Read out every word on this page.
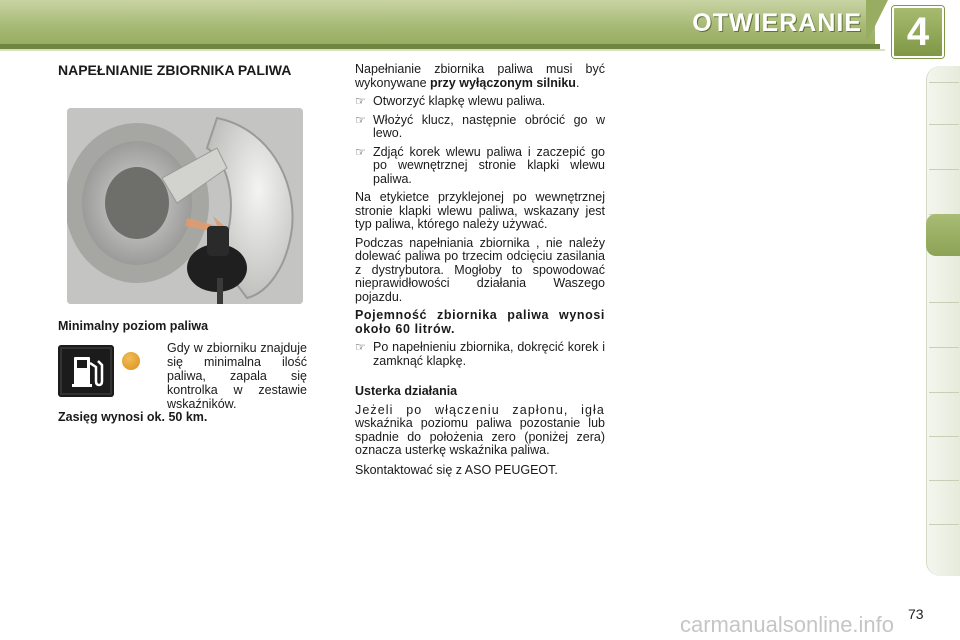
OTWIERANIE	4
NAPEŁNIANIE ZBIORNIKA PALIWA
Minimalny poziom paliwa
Gdy w zbiorniku znajduje się minimalna ilość paliwa, zapala się kontrolka w zestawie wskaźników.
Zasięg wynosi ok. 50 km.

Napełnianie zbiornika paliwa musi być wykonywane przy wyłączonym silniku.

☞ Otworzyć klapkę wlewu paliwa.
☞ Włożyć klucz, następnie obrócić go w lewo.
☞ Zdjąć korek wlewu paliwa i zaczepić go po wewnętrznej stronie klapki wlewu paliwa.

Na etykietce przyklejonej po wewnętrznej stronie klapki wlewu paliwa, wskazany jest typ paliwa, którego należy używać.

Podczas napełniania zbiornika , nie należy dolewać paliwa po trzecim odcięciu zasilania z dystrybutora. Mogłoby to spowodować nieprawidłowości działania Waszego pojazdu.

Pojemność zbiornika paliwa wynosi około 60 litrów.

☞ Po napełnieniu zbiornika, dokręcić korek i zamknąć klapkę.

Usterka działania

Jeżeli po włączeniu zapłonu, igła wskaźnika poziomu paliwa pozostanie lub spadnie do położenia zero (poniżej zera) oznacza usterkę wskaźnika paliwa.

Skontaktować się z ASO PEUGEOT.

carmanualsonline.info 73
